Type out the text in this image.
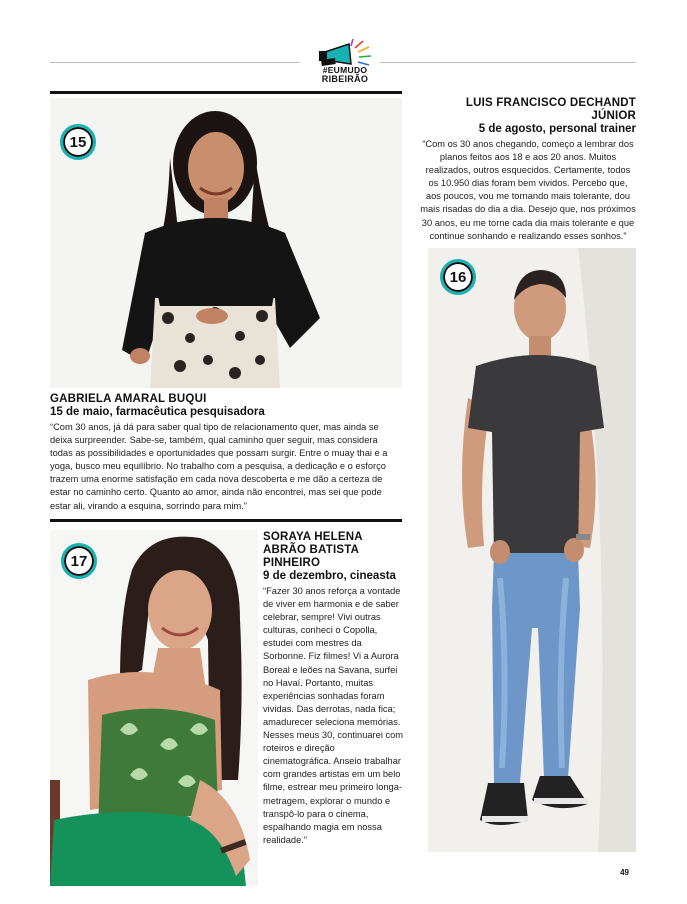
#EUMUDO
RIBEIRÃO
15
GABRIELA AMARAL BUQUI
15 de maio, farmacêutica pesquisadora
“Com 30 anos, já dá para saber qual tipo de relacionamento quer, mas ainda se deixa surpreender. Sabe-se, também, qual caminho quer seguir, mas considera todas as possibilidades e oportunidades que possam surgir. Entre o muay thai e a yoga, busco meu equilíbrio. No trabalho com a pesquisa, a dedicação e o esforço trazem uma enorme satisfação em cada nova descoberta e me dão a certeza de estar no caminho certo. Quanto ao amor, ainda não encontrei, mas sei que pode estar ali, virando a esquina, sorrindo para mim.”
LUIS FRANCISCO DECHANDT JÚNIOR
5 de agosto, personal trainer
“Com os 30 anos chegando, começo a lembrar dos planos feitos aos 18 e aos 20 anos. Muitos realizados, outros esquecidos. Certamente, todos os 10.950 dias foram bem vividos. Percebo que, aos poucos, vou me tornando mais tolerante, dou mais risadas do dia a dia. Desejo que, nos próximos 30 anos, eu me torne cada dia mais tolerante e que continue sonhando e realizando esses sonhos.”
16
17
SORAYA HELENA ABRÃO BATISTA PINHEIRO
9 de dezembro, cineasta
“Fazer 30 anos reforça a vontade de viver em harmonia e de saber celebrar, sempre! Vivi outras culturas, conheci o Copolla, estudei com mestres da Sorbonne. Fiz filmes! Vi a Aurora Boreal e leões na Savana, surfei no Havaí. Portanto, muitas experiências sonhadas foram vividas. Das derrotas, nada fica; amadurecer seleciona memórias. Nesses meus 30, continuarei com roteiros e direção cinematográfica. Anseio trabalhar com grandes artistas em um belo filme, estrear meu primeiro longa-metragem, explorar o mundo e transpô-lo para o cinema, espalhando magia em nossa realidade.”
49
